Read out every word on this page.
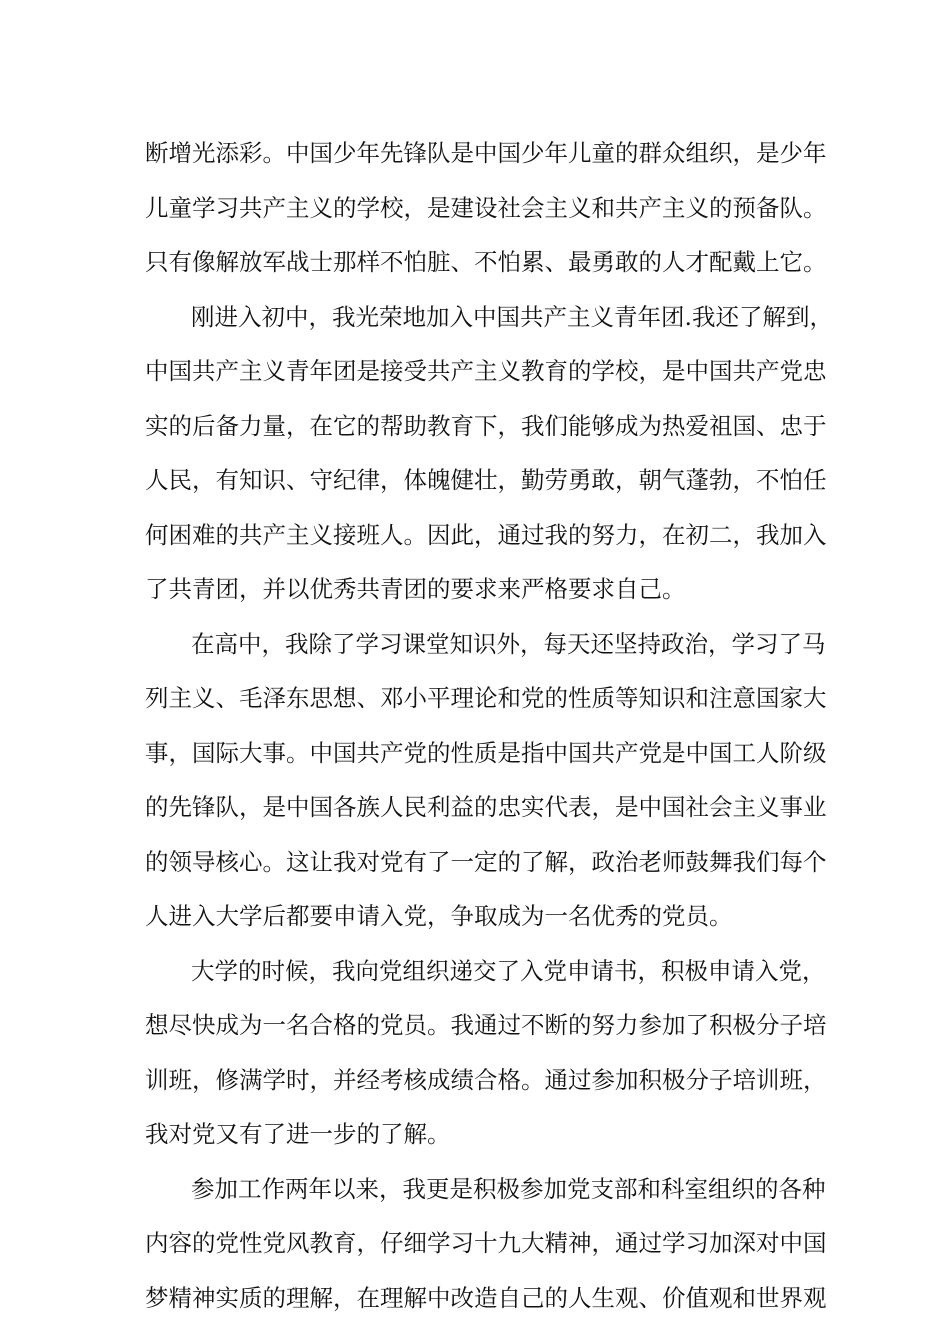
断增光添彩。中国少年先锋队是中国少年儿童的群众组织，是少年
儿童学习共产主义的学校，是建设社会主义和共产主义的预备队。
只有像解放军战士那样不怕脏、不怕累、最勇敢的人才配戴上它。
刚进入初中，我光荣地加入中国共产主义青年团.我还了解到，
中国共产主义青年团是接受共产主义教育的学校，是中国共产党忠
实的后备力量，在它的帮助教育下，我们能够成为热爱祖国、忠于
人民，有知识、守纪律，体魄健壮，勤劳勇敢，朝气蓬勃，不怕任
何困难的共产主义接班人。因此，通过我的努力，在初二，我加入
了共青团，并以优秀共青团的要求来严格要求自己。
在高中，我除了学习课堂知识外，每天还坚持政治，学习了马
列主义、毛泽东思想、邓小平理论和党的性质等知识和注意国家大
事，国际大事。中国共产党的性质是指中国共产党是中国工人阶级
的先锋队，是中国各族人民利益的忠实代表，是中国社会主义事业
的领导核心。这让我对党有了一定的了解，政治老师鼓舞我们每个
人进入大学后都要申请入党，争取成为一名优秀的党员。
大学的时候，我向党组织递交了入党申请书，积极申请入党，
想尽快成为一名合格的党员。我通过不断的努力参加了积极分子培
训班，修满学时，并经考核成绩合格。通过参加积极分子培训班，
我对党又有了进一步的了解。
参加工作两年以来，我更是积极参加党支部和科室组织的各种
内容的党性党风教育，仔细学习十九大精神，通过学习加深对中国
梦精神实质的理解，在理解中改造自己的人生观、价值观和世界观
